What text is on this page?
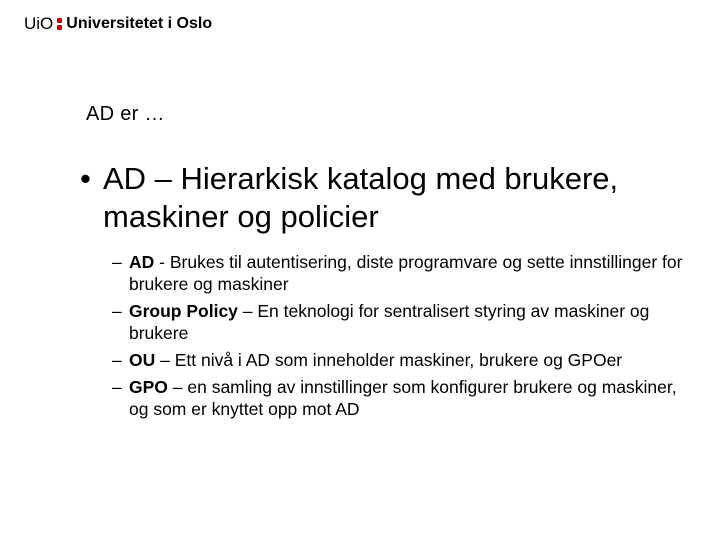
UiO Universitetet i Oslo
AD er …
• AD – Hierarkisk katalog med brukere, maskiner og policier
– AD - Brukes til autentisering, diste programvare og sette innstillinger for brukere og maskiner
– Group Policy – En teknologi for sentralisert styring av maskiner og brukere
– OU – Ett nivå i AD som inneholder maskiner, brukere og GPOer
– GPO – en samling av innstillinger som konfigurer brukere og maskiner, og som er knyttet opp mot AD
